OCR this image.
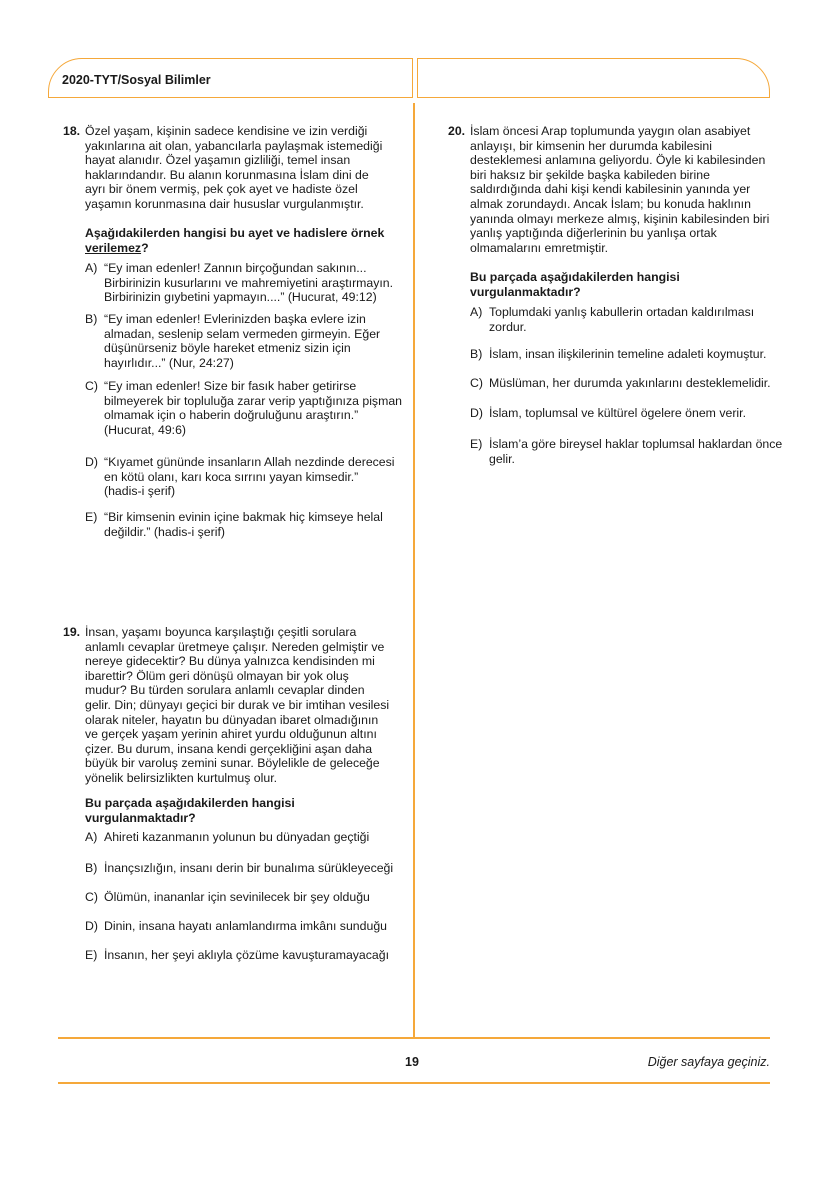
2020-TYT/Sosyal Bilimler
19	Diğer sayfaya geçiniz.
18. Özel yaşam, kişinin sadece kendisine ve izin verdiği
yakınlarına ait olan, yabancılarla paylaşmak istemediği
hayat alanıdır. Özel yaşamın gizliliği, temel insan
haklarındandır. Bu alanın korunmasına İslam dini de
ayrı bir önem vermiş, pek çok ayet ve hadiste özel
yaşamın korunmasına dair hususlar vurgulanmıştır.
Aşağıdakilerden hangisi bu ayet ve hadislere örnek
verilemez?
A) “Ey iman edenler! Zannın birçoğundan sakının...
Birbirinizin kusurlarını ve mahremiyetini araştırmayın.
Birbirinizin gıybetini yapmayın....” (Hucurat, 49:12)
B) “Ey iman edenler! Evlerinizden başka evlere izin
almadan, seslenip selam vermeden girmeyin. Eğer
düşünürseniz böyle hareket etmeniz sizin için
hayırlıdır...” (Nur, 24:27)
C) “Ey iman edenler! Size bir fasık haber getirirse
bilmeyerek bir topluluğa zarar verip yaptığınıza pişman
olmamak için o haberin doğruluğunu araştırın.”
(Hucurat, 49:6)
D) “Kıyamet gününde insanların Allah nezdinde derecesi
en kötü olanı, karı koca sırrını yayan kimsedir.”
(hadis-i şerif)
E) “Bir kimsenin evinin içine bakmak hiç kimseye helal
değildir.” (hadis-i şerif)
19. İnsan, yaşamı boyunca karşılaştığı çeşitli sorulara
anlamlı cevaplar üretmeye çalışır. Nereden gelmiştir ve
nereye gidecektir? Bu dünya yalnızca kendisinden mi
ibarettir? Ölüm geri dönüşü olmayan bir yok oluş
mudur? Bu türden sorulara anlamlı cevaplar dinden
gelir. Din; dünyayı geçici bir durak ve bir imtihan vesilesi
olarak niteler, hayatın bu dünyadan ibaret olmadığının
ve gerçek yaşam yerinin ahiret yurdu olduğunun altını
çizer. Bu durum, insana kendi gerçekliğini aşan daha
büyük bir varoluş zemini sunar. Böylelikle de geleceğe
yönelik belirsizlikten kurtulmuş olur.
Bu parçada aşağıdakilerden hangisi
vurgulanmaktadır?
A) Ahireti kazanmanın yolunun bu dünyadan geçtiği
B) İnançsızlığın, insanı derin bir bunalıma sürükleyeceği
C) Ölümün, inananlar için sevinilecek bir şey olduğu
D) Dinin, insana hayatı anlamlandırma imkânı sunduğu
E) İnsanın, her şeyi aklıyla çözüme kavuşturamayacağı
20. İslam öncesi Arap toplumunda yaygın olan asabiyet
anlayışı, bir kimsenin her durumda kabilesini
desteklemesi anlamına geliyordu. Öyle ki kabilesinden
biri haksız bir şekilde başka kabileden birine
saldırdığında dahi kişi kendi kabilesinin yanında yer
almak zorundaydı. Ancak İslam; bu konuda haklının
yanında olmayı merkeze almış, kişinin kabilesinden biri
yanlış yaptığında diğerlerinin bu yanlışa ortak
olmamalarını emretmiştir.
Bu parçada aşağıdakilerden hangisi
vurgulanmaktadır?
A) Toplumdaki yanlış kabullerin ortadan kaldırılması
zordur.
B) İslam, insan ilişkilerinin temeline adaleti koymuştur.
C) Müslüman, her durumda yakınlarını desteklemelidir.
D) İslam, toplumsal ve kültürel ögelere önem verir.
E) İslam’a göre bireysel haklar toplumsal haklardan önce
gelir.
